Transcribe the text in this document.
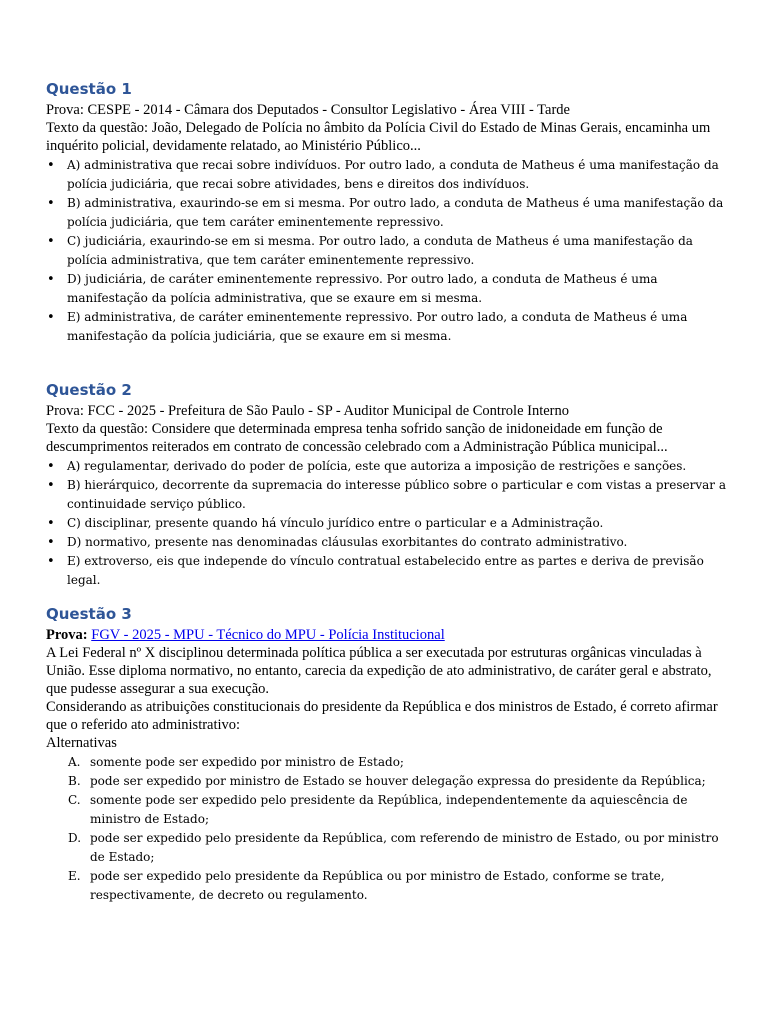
Questão 1

Prova: CESPE - 2014 - Câmara dos Deputados - Consultor Legislativo - Área VIII - Tarde

Texto da questão: João, Delegado de Polícia no âmbito da Polícia Civil do Estado de Minas Gerais, encaminha um inquérito policial, devidamente relatado, ao Ministério Público...

• A) administrativa que recai sobre indivíduos. Por outro lado, a conduta de Matheus é uma manifestação da polícia judiciária, que recai sobre atividades, bens e direitos dos indivíduos.
• B) administrativa, exaurindo-se em si mesma. Por outro lado, a conduta de Matheus é uma manifestação da polícia judiciária, que tem caráter eminentemente repressivo.
• C) judiciária, exaurindo-se em si mesma. Por outro lado, a conduta de Matheus é uma manifestação da polícia administrativa, que tem caráter eminentemente repressivo.
• D) judiciária, de caráter eminentemente repressivo. Por outro lado, a conduta de Matheus é uma manifestação da polícia administrativa, que se exaure em si mesma.
• E) administrativa, de caráter eminentemente repressivo. Por outro lado, a conduta de Matheus é uma manifestação da polícia judiciária, que se exaure em si mesma.
Questão 2

Prova: FCC - 2025 - Prefeitura de São Paulo - SP - Auditor Municipal de Controle Interno

Texto da questão: Considere que determinada empresa tenha sofrido sanção de inidoneidade em função de descumprimentos reiterados em contrato de concessão celebrado com a Administração Pública municipal...

• A) regulamentar, derivado do poder de polícia, este que autoriza a imposição de restrições e sanções.
• B) hierárquico, decorrente da supremacia do interesse público sobre o particular e com vistas a preservar a continuidade serviço público.
• C) disciplinar, presente quando há vínculo jurídico entre o particular e a Administração.
• D) normativo, presente nas denominadas cláusulas exorbitantes do contrato administrativo.
• E) extroverso, eis que independe do vínculo contratual estabelecido entre as partes e deriva de previsão legal.
Questão 3

Prova: FGV - 2025 - MPU - Técnico do MPU - Polícia Institucional

A Lei Federal nº X disciplinou determinada política pública a ser executada por estruturas orgânicas vinculadas à União. Esse diploma normativo, no entanto, carecia da expedição de ato administrativo, de caráter geral e abstrato, que pudesse assegurar a sua execução.

Considerando as atribuições constitucionais do presidente da República e dos ministros de Estado, é correto afirmar que o referido ato administrativo:

Alternativas

A. somente pode ser expedido por ministro de Estado;
B. pode ser expedido por ministro de Estado se houver delegação expressa do presidente da República;
C. somente pode ser expedido pelo presidente da República, independentemente da aquiescência de ministro de Estado;
D. pode ser expedido pelo presidente da República, com referendo de ministro de Estado, ou por ministro de Estado;
E. pode ser expedido pelo presidente da República ou por ministro de Estado, conforme se trate, respectivamente, de decreto ou regulamento.
